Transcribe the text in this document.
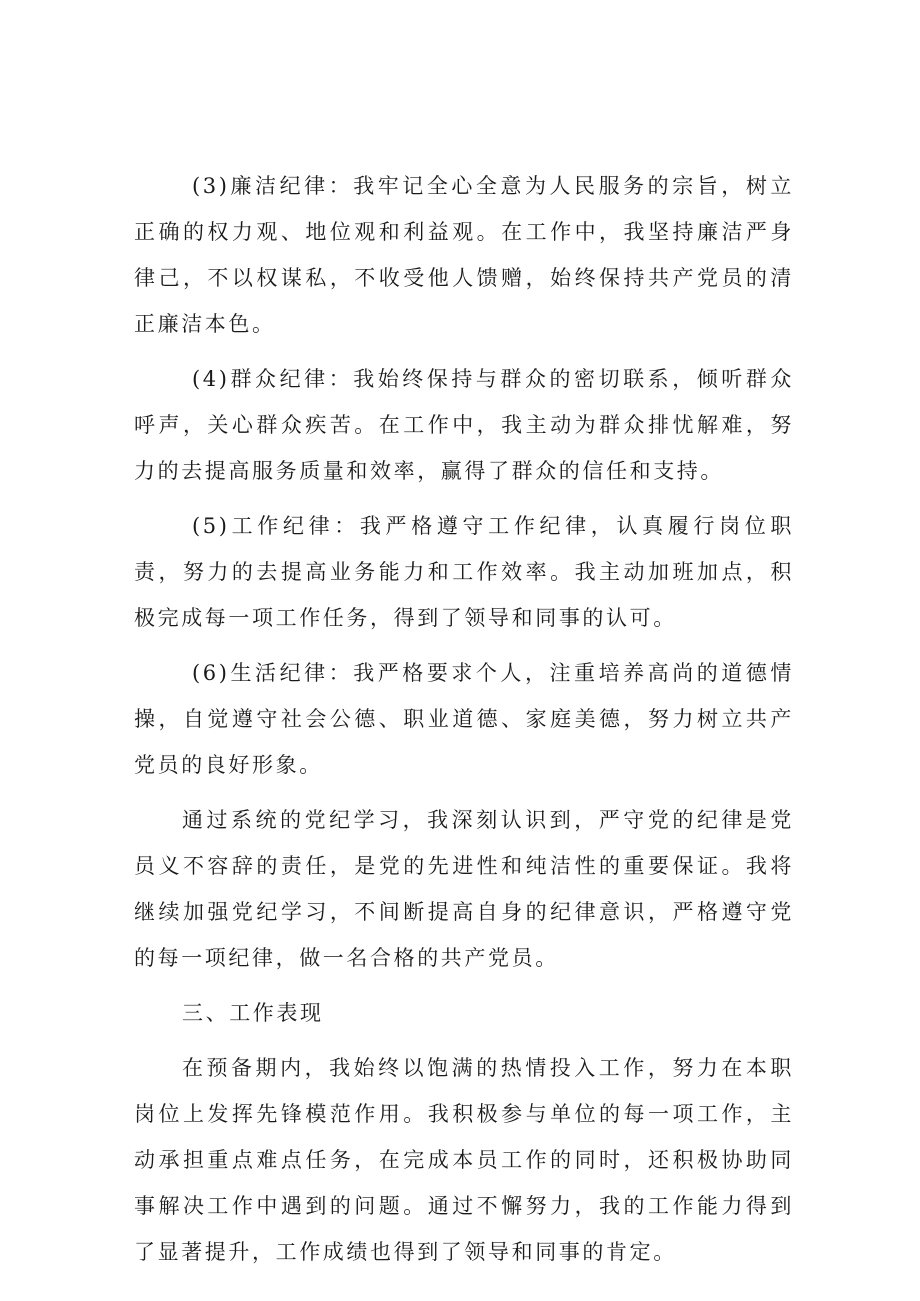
(3)廉洁纪律：我牢记全心全意为人民服务的宗旨，树立正确的权力观、地位观和利益观。在工作中，我坚持廉洁严身律己，不以权谋私，不收受他人馈赠，始终保持共产党员的清正廉洁本色。

(4)群众纪律：我始终保持与群众的密切联系，倾听群众呼声，关心群众疾苦。在工作中，我主动为群众排忧解难，努力的去提高服务质量和效率，赢得了群众的信任和支持。

(5)工作纪律：我严格遵守工作纪律，认真履行岗位职责，努力的去提高业务能力和工作效率。我主动加班加点，积极完成每一项工作任务，得到了领导和同事的认可。

(6)生活纪律：我严格要求个人，注重培养高尚的道德情操，自觉遵守社会公德、职业道德、家庭美德，努力树立共产党员的良好形象。

通过系统的党纪学习，我深刻认识到，严守党的纪律是党员义不容辞的责任，是党的先进性和纯洁性的重要保证。我将继续加强党纪学习，不间断提高自身的纪律意识，严格遵守党的每一项纪律，做一名合格的共产党员。

三、工作表现

在预备期内，我始终以饱满的热情投入工作，努力在本职岗位上发挥先锋模范作用。我积极参与单位的每一项工作，主动承担重点难点任务，在完成本员工作的同时，还积极协助同事解决工作中遇到的问题。通过不懈努力，我的工作能力得到了显著提升，工作成绩也得到了领导和同事的肯定。
